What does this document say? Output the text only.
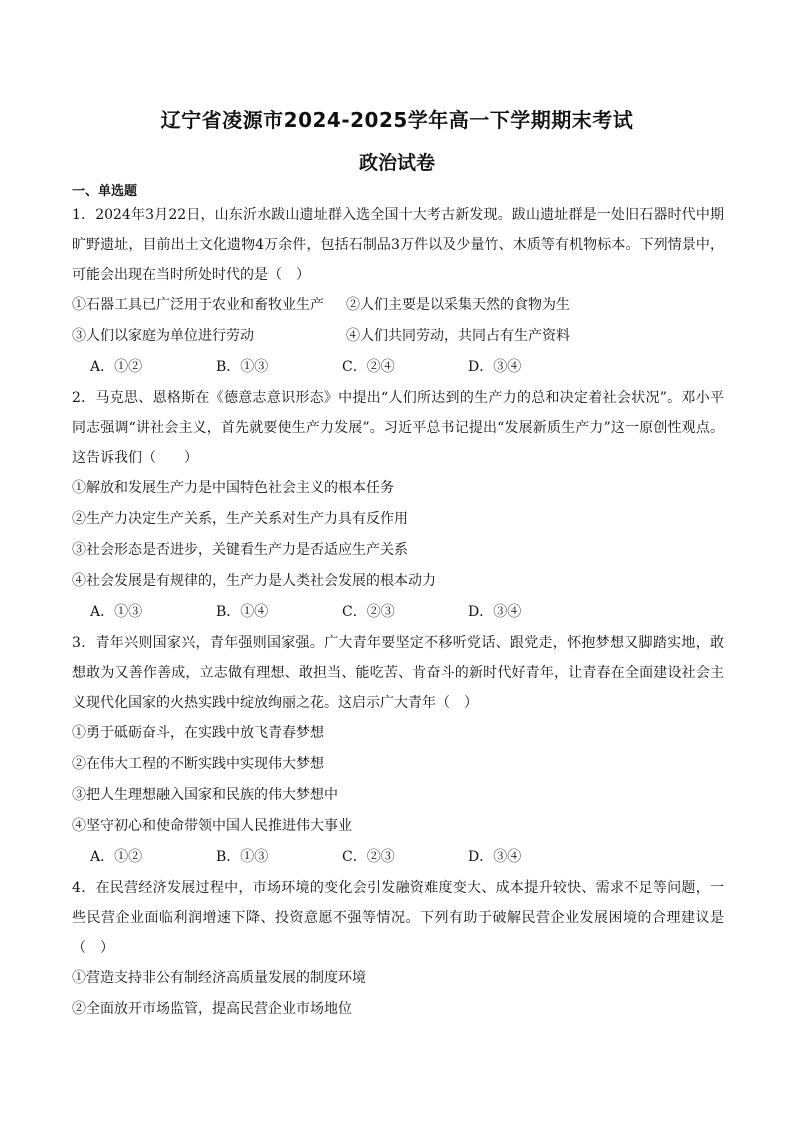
辽宁省凌源市2024-2025学年高一下学期期末考试
政治试卷
一、单选题

1．2024年3月22日，山东沂水跋山遗址群入选全国十大考古新发现。跋山遗址群是一处旧石器时代中期旷野遗址，目前出土文化遗物4万余件，包括石制品3万件以及少量竹、木质等有机物标本。下列情景中，可能会出现在当时所处时代的是（　）

①石器工具已广泛用于农业和畜牧业生产 ②人们主要是以采集天然的食物为生

③人们以家庭为单位进行劳动	④人们共同劳动，共同占有生产资料

A．①②	B．①③	C．②④	D．③④

2．马克思、恩格斯在《德意志意识形态》中提出“人们所达到的生产力的总和决定着社会状况”。邓小平同志强调“讲社会主义，首先就要使生产力发展”。习近平总书记提出“发展新质生产力”这一原创性观点。这告诉我们（　　）

①解放和发展生产力是中国特色社会主义的根本任务

②生产力决定生产关系，生产关系对生产力具有反作用

③社会形态是否进步，关键看生产力是否适应生产关系

④社会发展是有规律的，生产力是人类社会发展的根本动力

A．①③	B．①④	C．②③	D．③④

3．青年兴则国家兴，青年强则国家强。广大青年要坚定不移听党话、跟党走，怀抱梦想又脚踏实地，敢想敢为又善作善成，立志做有理想、敢担当、能吃苦、肯奋斗的新时代好青年，让青春在全面建设社会主义现代化国家的火热实践中绽放绚丽之花。这启示广大青年（　）

①勇于砥砺奋斗，在实践中放飞青春梦想

②在伟大工程的不断实践中实现伟大梦想

③把人生理想融入国家和民族的伟大梦想中

④坚守初心和使命带领中国人民推进伟大事业

A．①②	B．①③	C．②③	D．③④

4．在民营经济发展过程中，市场环境的变化会引发融资难度变大、成本提升较快、需求不足等问题，一些民营企业面临利润增速下降、投资意愿不强等情况。下列有助于破解民营企业发展困境的合理建议是（　）

①营造支持非公有制经济高质量发展的制度环境

②全面放开市场监管，提高民营企业市场地位
